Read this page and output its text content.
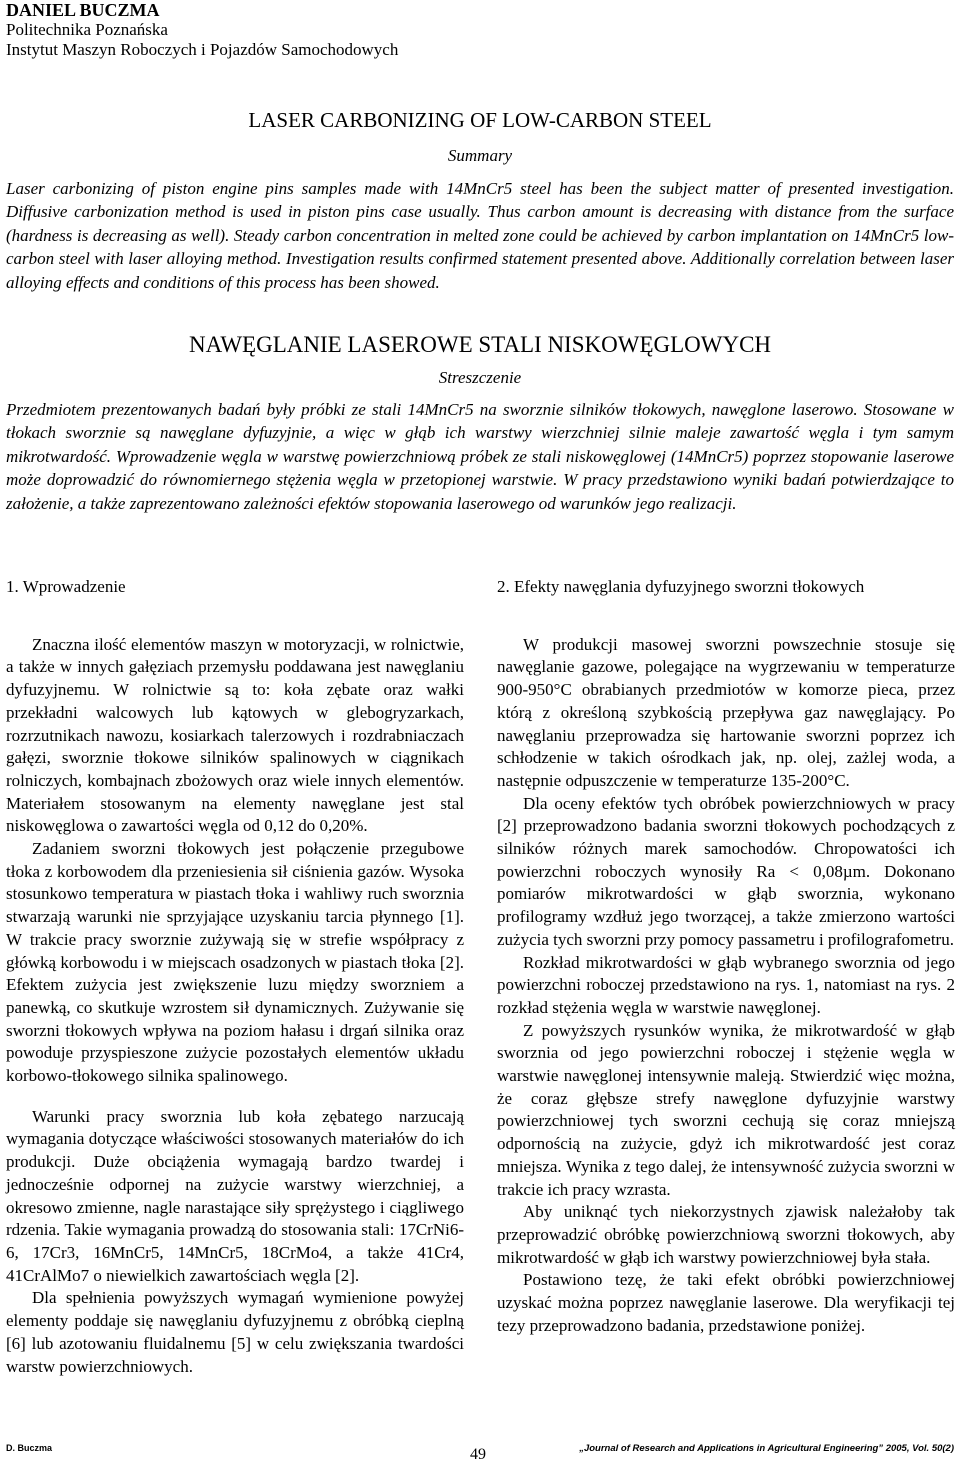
DANIEL BUCZMA
Politechnika Poznańska
Instytut Maszyn Roboczych i Pojazdów Samochodowych
LASER CARBONIZING OF LOW-CARBON STEEL
Summary
Laser carbonizing of piston engine pins samples made with 14MnCr5 steel has been the subject matter of presented investigation. Diffusive carbonization method is used in piston pins case usually. Thus carbon amount is decreasing with distance from the surface (hardness is decreasing as well). Steady carbon concentration in melted zone could be achieved by carbon implantation on 14MnCr5 low-carbon steel with laser alloying method. Investigation results confirmed statement presented above. Additionally correlation between laser alloying effects and conditions of this process has been showed.
NAWĘGLANIE LASEROWE STALI NISKOWĘGLOWYCH
Streszczenie
Przedmiotem prezentowanych badań były próbki ze stali 14MnCr5 na sworznie silników tłokowych, nawęglone laserowo. Stosowane w tłokach sworznie są nawęglane dyfuzyjnie, a więc w głąb ich warstwy wierzchniej silnie maleje zawartość węgla i tym samym mikrotwardość. Wprowadzenie węgla w warstwę powierzchniową próbek ze stali niskowęglowej (14MnCr5) poprzez stopowanie laserowe może doprowadzić do równomiernego stężenia węgla w przetopionej warstwie. W pracy przedstawiono wyniki badań potwierdzające to założenie, a także zaprezentowano zależności efektów stopowania laserowego od warunków jego realizacji.
1. Wprowadzenie

Znaczna ilość elementów maszyn w motoryzacji, w rolnictwie, a także w innych gałęziach przemysłu poddawana jest nawęglaniu dyfuzyjnemu. W rolnictwie są to: koła zębate oraz wałki przekładni walcowych lub kątowych w glebogryzarkach, rozrzutnikach nawozu, kosiarkach talerzowych i rozdrabniaczach gałęzi, sworznie tłokowe silników spalinowych w ciągnikach rolniczych, kombajnach zbożowych oraz wiele innych elementów. Materiałem stosowanym na elementy nawęglane jest stal niskowęglowa o zawartości węgla od 0,12 do 0,20%.

Zadaniem sworzni tłokowych jest połączenie przegubowe tłoka z korbowodem dla przeniesienia sił ciśnienia gazów. Wysoka stosunkowo temperatura w piastach tłoka i wahliwy ruch sworznia stwarzają warunki nie sprzyjające uzyskaniu tarcia płynnego [1]. W trakcie pracy sworznie zużywają się w strefie współpracy z główką korbowodu i w miejscach osadzonych w piastach tłoka [2]. Efektem zużycia jest zwiększenie luzu między sworzniem a panewką, co skutkuje wzrostem sił dynamicznych. Zużywanie się sworzni tłokowych wpływa na poziom hałasu i drgań silnika oraz powoduje przyspieszone zużycie pozostałych elementów układu korbowo-tłokowego silnika spalinowego.

Warunki pracy sworznia lub koła zębatego narzucają wymagania dotyczące właściwości stosowanych materiałów do ich produkcji. Duże obciążenia wymagają bardzo twardej i jednocześnie odpornej na zużycie warstwy wierzchniej, a okresowo zmienne, nagle narastające siły sprężystego i ciągliwego rdzenia. Takie wymagania prowadzą do stosowania stali: 17CrNi6-6, 17Cr3, 16MnCr5, 14MnCr5, 18CrMo4, a także 41Cr4, 41CrAlMo7 o niewielkich zawartościach węgla [2].

Dla spełnienia powyższych wymagań wymienione powyżej elementy poddaje się nawęglaniu dyfuzyjnemu z obróbką cieplną [6] lub azotowaniu fluidalnemu [5] w celu zwiększania twardości warstw powierzchniowych.

2. Efekty nawęglania dyfuzyjnego sworzni tłokowych

W produkcji masowej sworzni powszechnie stosuje się nawęglanie gazowe, polegające na wygrzewaniu w temperaturze 900-950°C obrabianych przedmiotów w komorze pieca, przez którą z określoną szybkością przepływa gaz nawęglający. Po nawęglaniu przeprowadza się hartowanie sworzni poprzez ich schłodzenie w takich ośrodkach jak, np. olej, zażlej woda, a następnie odpuszczenie w temperaturze 135-200°C.

Dla oceny efektów tych obróbek powierzchniowych w pracy [2] przeprowadzono badania sworzni tłokowych pochodzących z silników różnych marek samochodów. Chropowatości ich powierzchni roboczych wynosiły Ra < 0,08µm. Dokonano pomiarów mikrotwardości w głąb sworznia, wykonano profilogramy wzdłuż jego tworzącej, a także zmierzono wartości zużycia tych sworzni przy pomocy passametru i profilografometru.

Rozkład mikrotwardości w głąb wybranego sworznia od jego powierzchni roboczej przedstawiono na rys. 1, natomiast na rys. 2 rozkład stężenia węgla w warstwie nawęglonej.

Z powyższych rysunków wynika, że mikrotwardość w głąb sworznia od jego powierzchni roboczej i stężenie węgla w warstwie nawęglonej intensywnie maleją. Stwierdzić więc można, że coraz głębsze strefy nawęglone dyfuzyjnie warstwy powierzchniowej tych sworzni cechują się coraz mniejszą odpornością na zużycie, gdyż ich mikrotwardość jest coraz mniejsza. Wynika z tego dalej, że intensywność zużycia sworzni w trakcie ich pracy wzrasta.

Aby uniknąć tych niekorzystnych zjawisk należałoby tak przeprowadzić obróbkę powierzchniową sworzni tłokowych, aby mikrotwardość w głąb ich warstwy powierzchniowej była stała.

Postawiono tezę, że taki efekt obróbki powierzchniowej uzyskać można poprzez nawęglanie laserowe. Dla weryfikacji tej tezy przeprowadzono badania, przedstawione poniżej.

D. Buczma	49	„Journal of Research and Applications in Agricultural Engineering” 2005, Vol. 50(2)
